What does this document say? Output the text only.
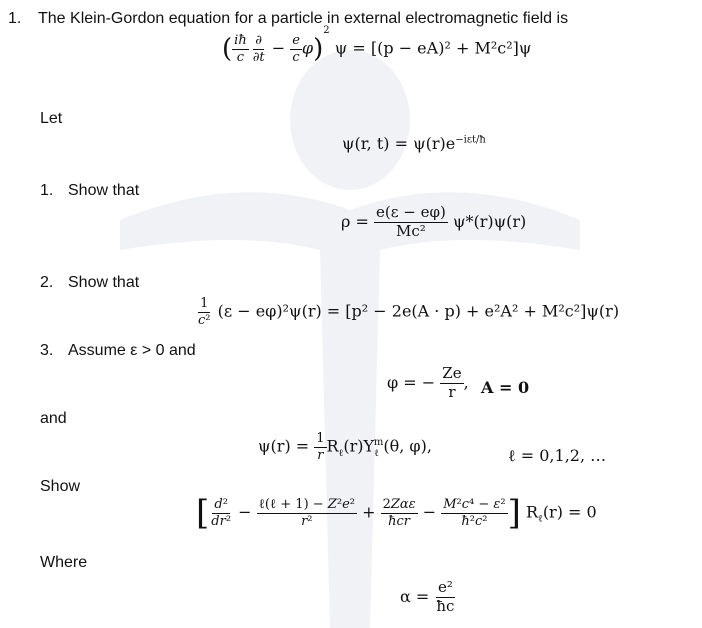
1. The Klein-Gordon equation for a particle in external electromagnetic field is
( $\frac{iħ}{c} \frac{\partial}{\partial t} - \frac{e}{c} \varphi)^2$ ψ = [(p − eA)² + M²c²]ψ
Let
ψ(r, $t) = \psi(r)e^{-i\varepsilon t/ħ}$
1. Show that
$\rho = \frac{e(\varepsilon - e\varphi)}{\text{Mc²}} \psi*(r)\psi(r)$
2. Show that
$\frac{1}{\text{c²}} (\varepsilon - e\varphi)^2\psi(r) = [p^2 - 2e(A \cdot p) + e^2A^2 + M^2c^2]\psi(r)$
3. Assume ε > 0 and
φ = − $\frac{Ze}{r}$ , A = 0
and
$\psi(r) = \frac{1}{r} R_\ell(r)Y_\ell^m(\theta$, φ),	ℓ = 0,1,2, …
Show
[ $\frac{\text{d²}}{\text{dr²}} - \frac{\text{ℓ(ℓ + 1) − Z²e²}}{\text{r²}} + \frac{\text{2Zαε}}{\text{ħcr}} - \frac{\text{M²c⁴ − ε²}}{\text{ħ²c²}}$ ] $R_\ell(r) = 0$
Where
$\alpha = \frac{\text{e²}}{ħc}$
